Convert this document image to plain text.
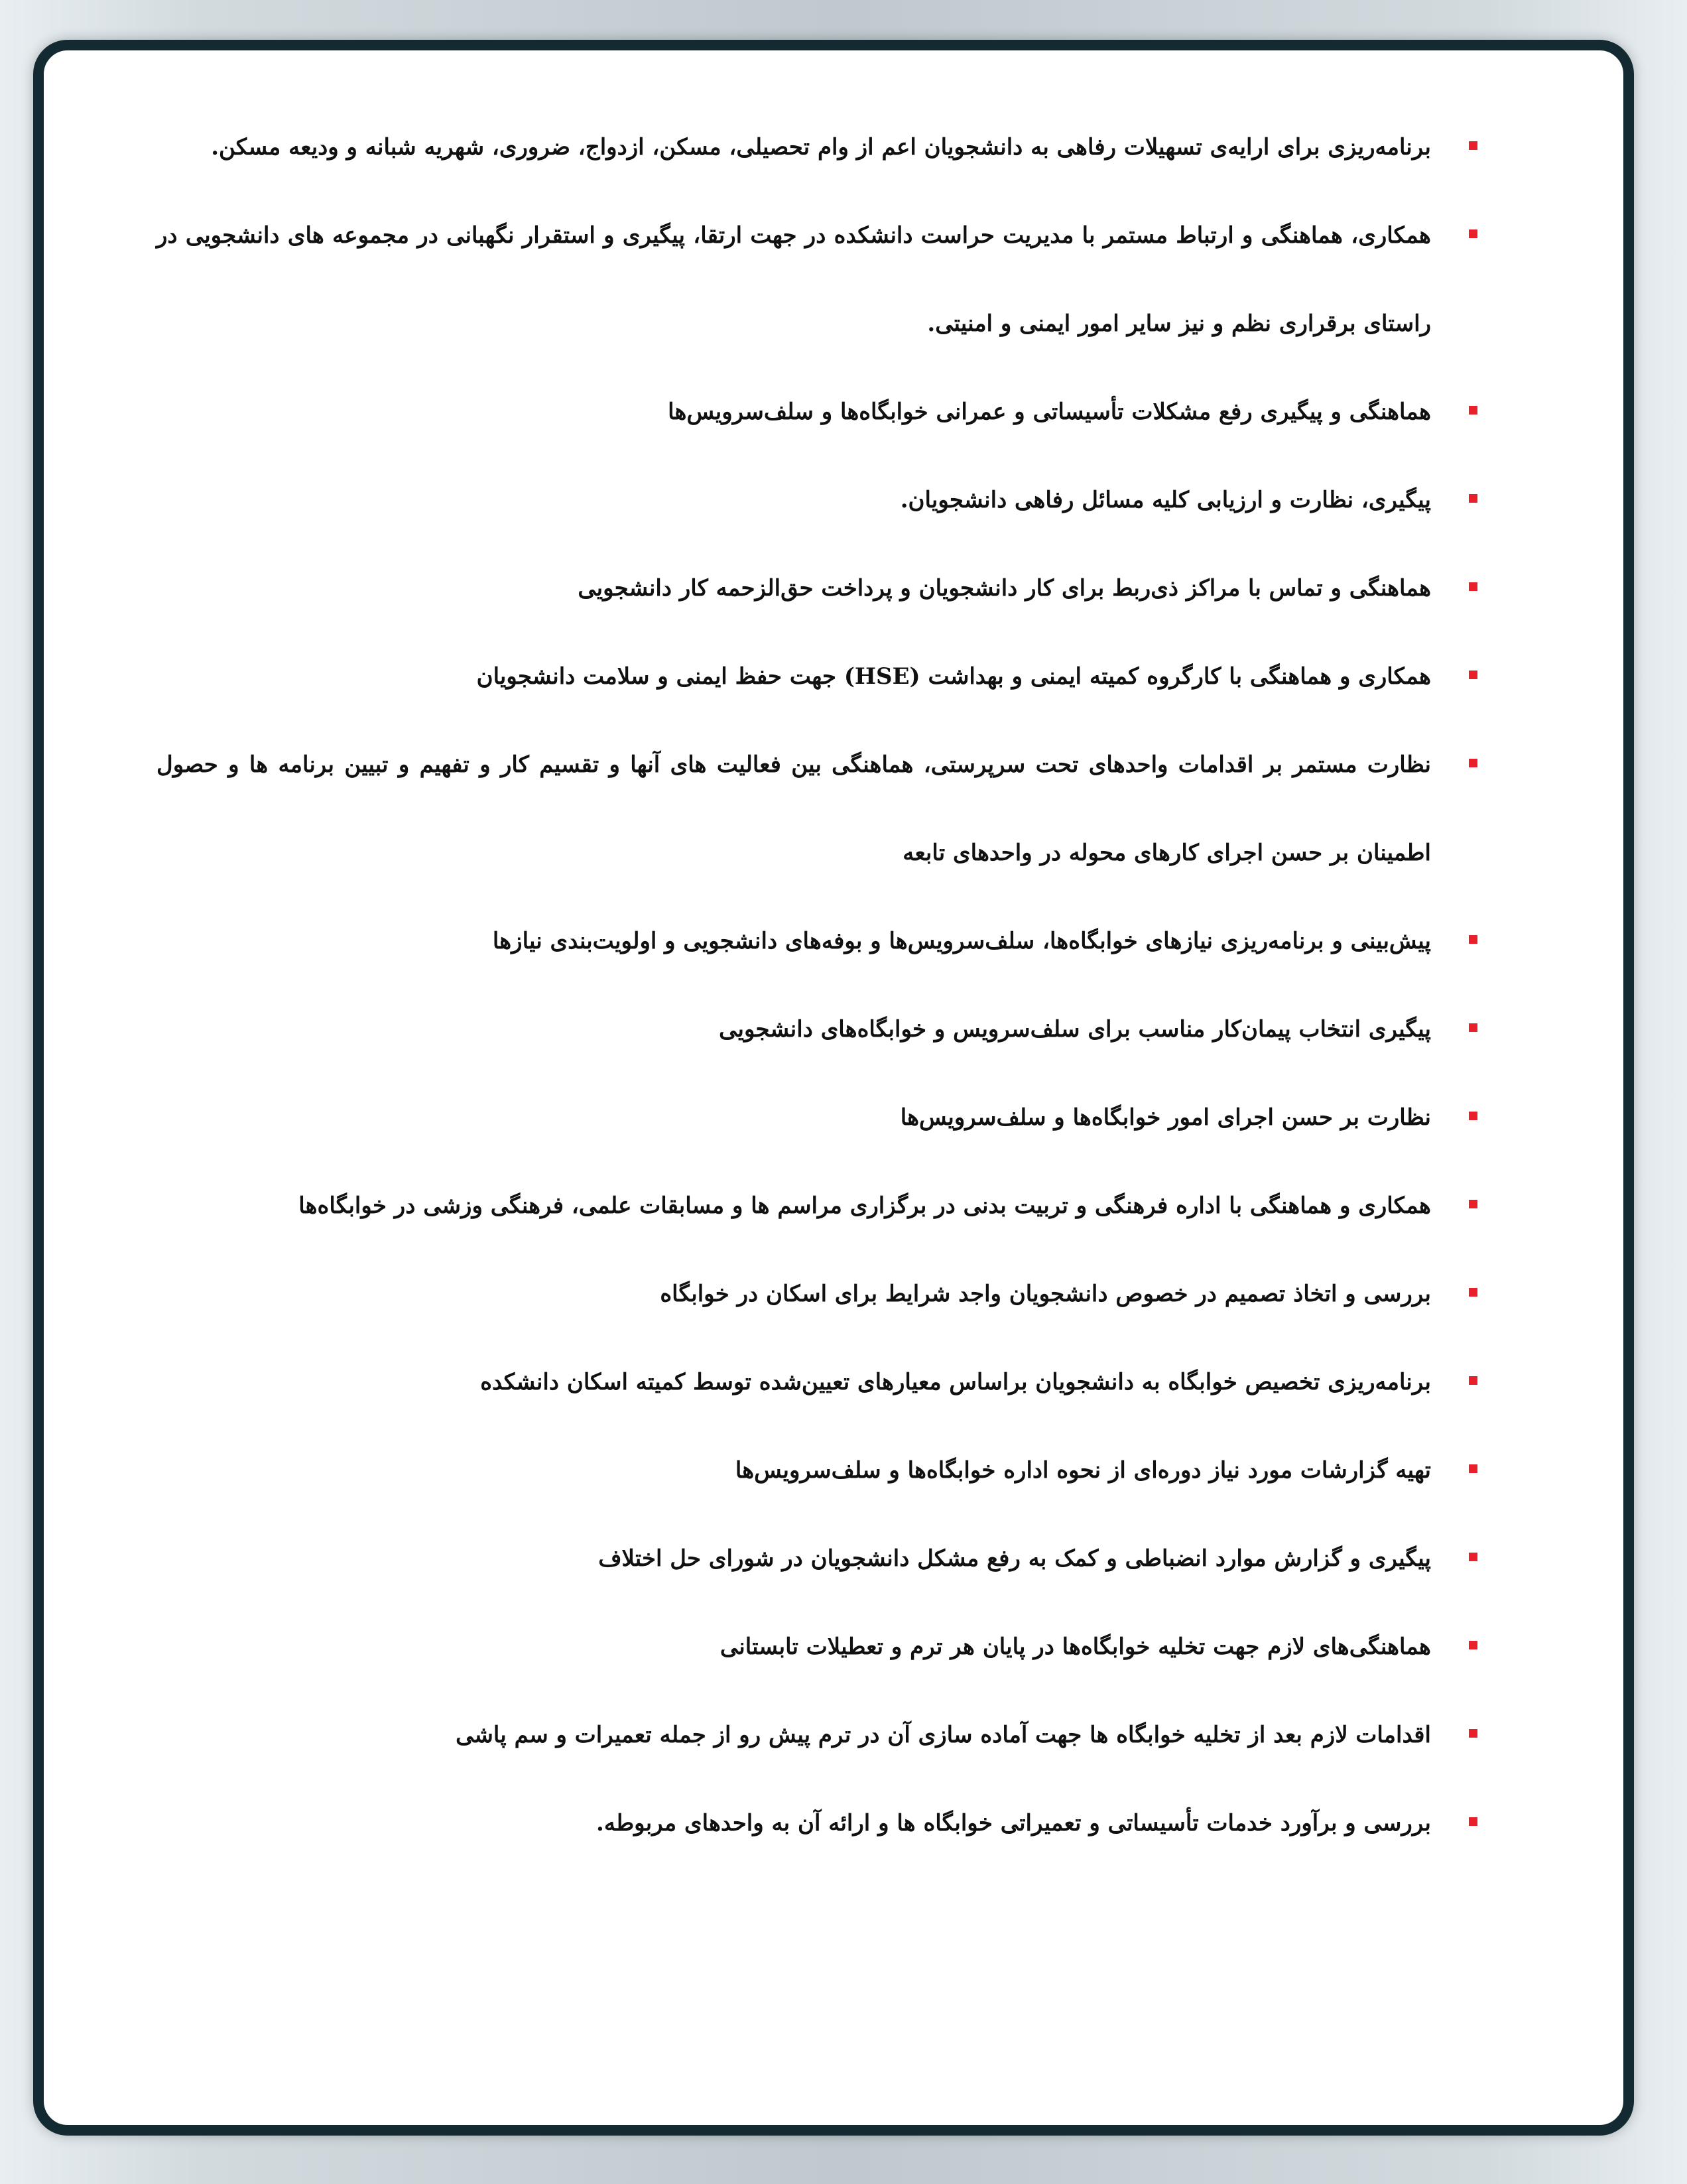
برنامه‌ریزی برای ارایه‌ی تسهیلات رفاهی به دانشجویان اعم از وام تحصیلی، مسکن، ازدواج، ضروری، شهریه شبانه و ودیعه مسکن.
همکاری، هماهنگی و ارتباط مستمر با مدیریت حراست دانشکده در جهت ارتقا، پیگیری و استقرار نگهبانی در مجموعه های دانشجویی در راستای برقراری نظم و نیز سایر امور ایمنی و امنیتی.
هماهنگی و پیگیری رفع مشکلات تأسیساتی و عمرانی خوابگاه‌ها و سلف‌سرویس‌ها
پیگیری، نظارت و ارزیابی کلیه مسائل رفاهی دانشجویان.
هماهنگی و تماس با مراکز ذی‌ربط برای کار دانشجویان و پرداخت حق‌الزحمه کار دانشجویی
همکاری و هماهنگی با کارگروه کمیته ایمنی و بهداشت (HSE) جهت حفظ ایمنی و سلامت دانشجویان
نظارت مستمر بر اقدامات واحدهای تحت سرپرستی، هماهنگی بین فعالیت های آنها و تقسیم کار و تفهیم و تبیین برنامه ها و حصول اطمینان بر حسن اجرای کارهای محوله در واحدهای تابعه
پیش‌بینی و برنامه‌ریزی نیازهای خوابگاه‌ها، سلف‌سرویس‌ها و بوفه‌های دانشجویی و اولویت‌بندی نیازها
پیگیری انتخاب پیمان‌کار مناسب برای سلف‌سرویس و خوابگاه‌های دانشجویی
نظارت بر حسن اجرای امور خوابگاه‌ها و سلف‌سرویس‌ها
همکاری و هماهنگی با اداره فرهنگی و تربیت بدنی در برگزاری مراسم ها و مسابقات علمی، فرهنگی وزشی در خوابگاه‌ها
بررسی و اتخاذ تصمیم در خصوص دانشجویان واجد شرایط برای اسکان در خوابگاه
برنامه‌ریزی تخصیص خوابگاه به دانشجویان براساس معیارهای تعیین‌شده توسط کمیته اسکان دانشکده
تهیه گزارشات مورد نیاز دوره‌ای از نحوه اداره خوابگاه‌ها و سلف‌سرویس‌ها
پیگیری و گزارش موارد انضباطی و کمک به رفع مشکل دانشجویان در شورای حل اختلاف
هماهنگی‌های لازم جهت تخلیه خوابگاه‌ها در پایان هر ترم و تعطیلات تابستانی
اقدامات لازم بعد از تخلیه خوابگاه ها جهت آماده سازی آن در ترم پیش رو از جمله تعمیرات و سم پاشی
بررسی و برآورد خدمات تأسیساتی و تعمیراتی خوابگاه ها و ارائه آن به واحدهای مربوطه.
